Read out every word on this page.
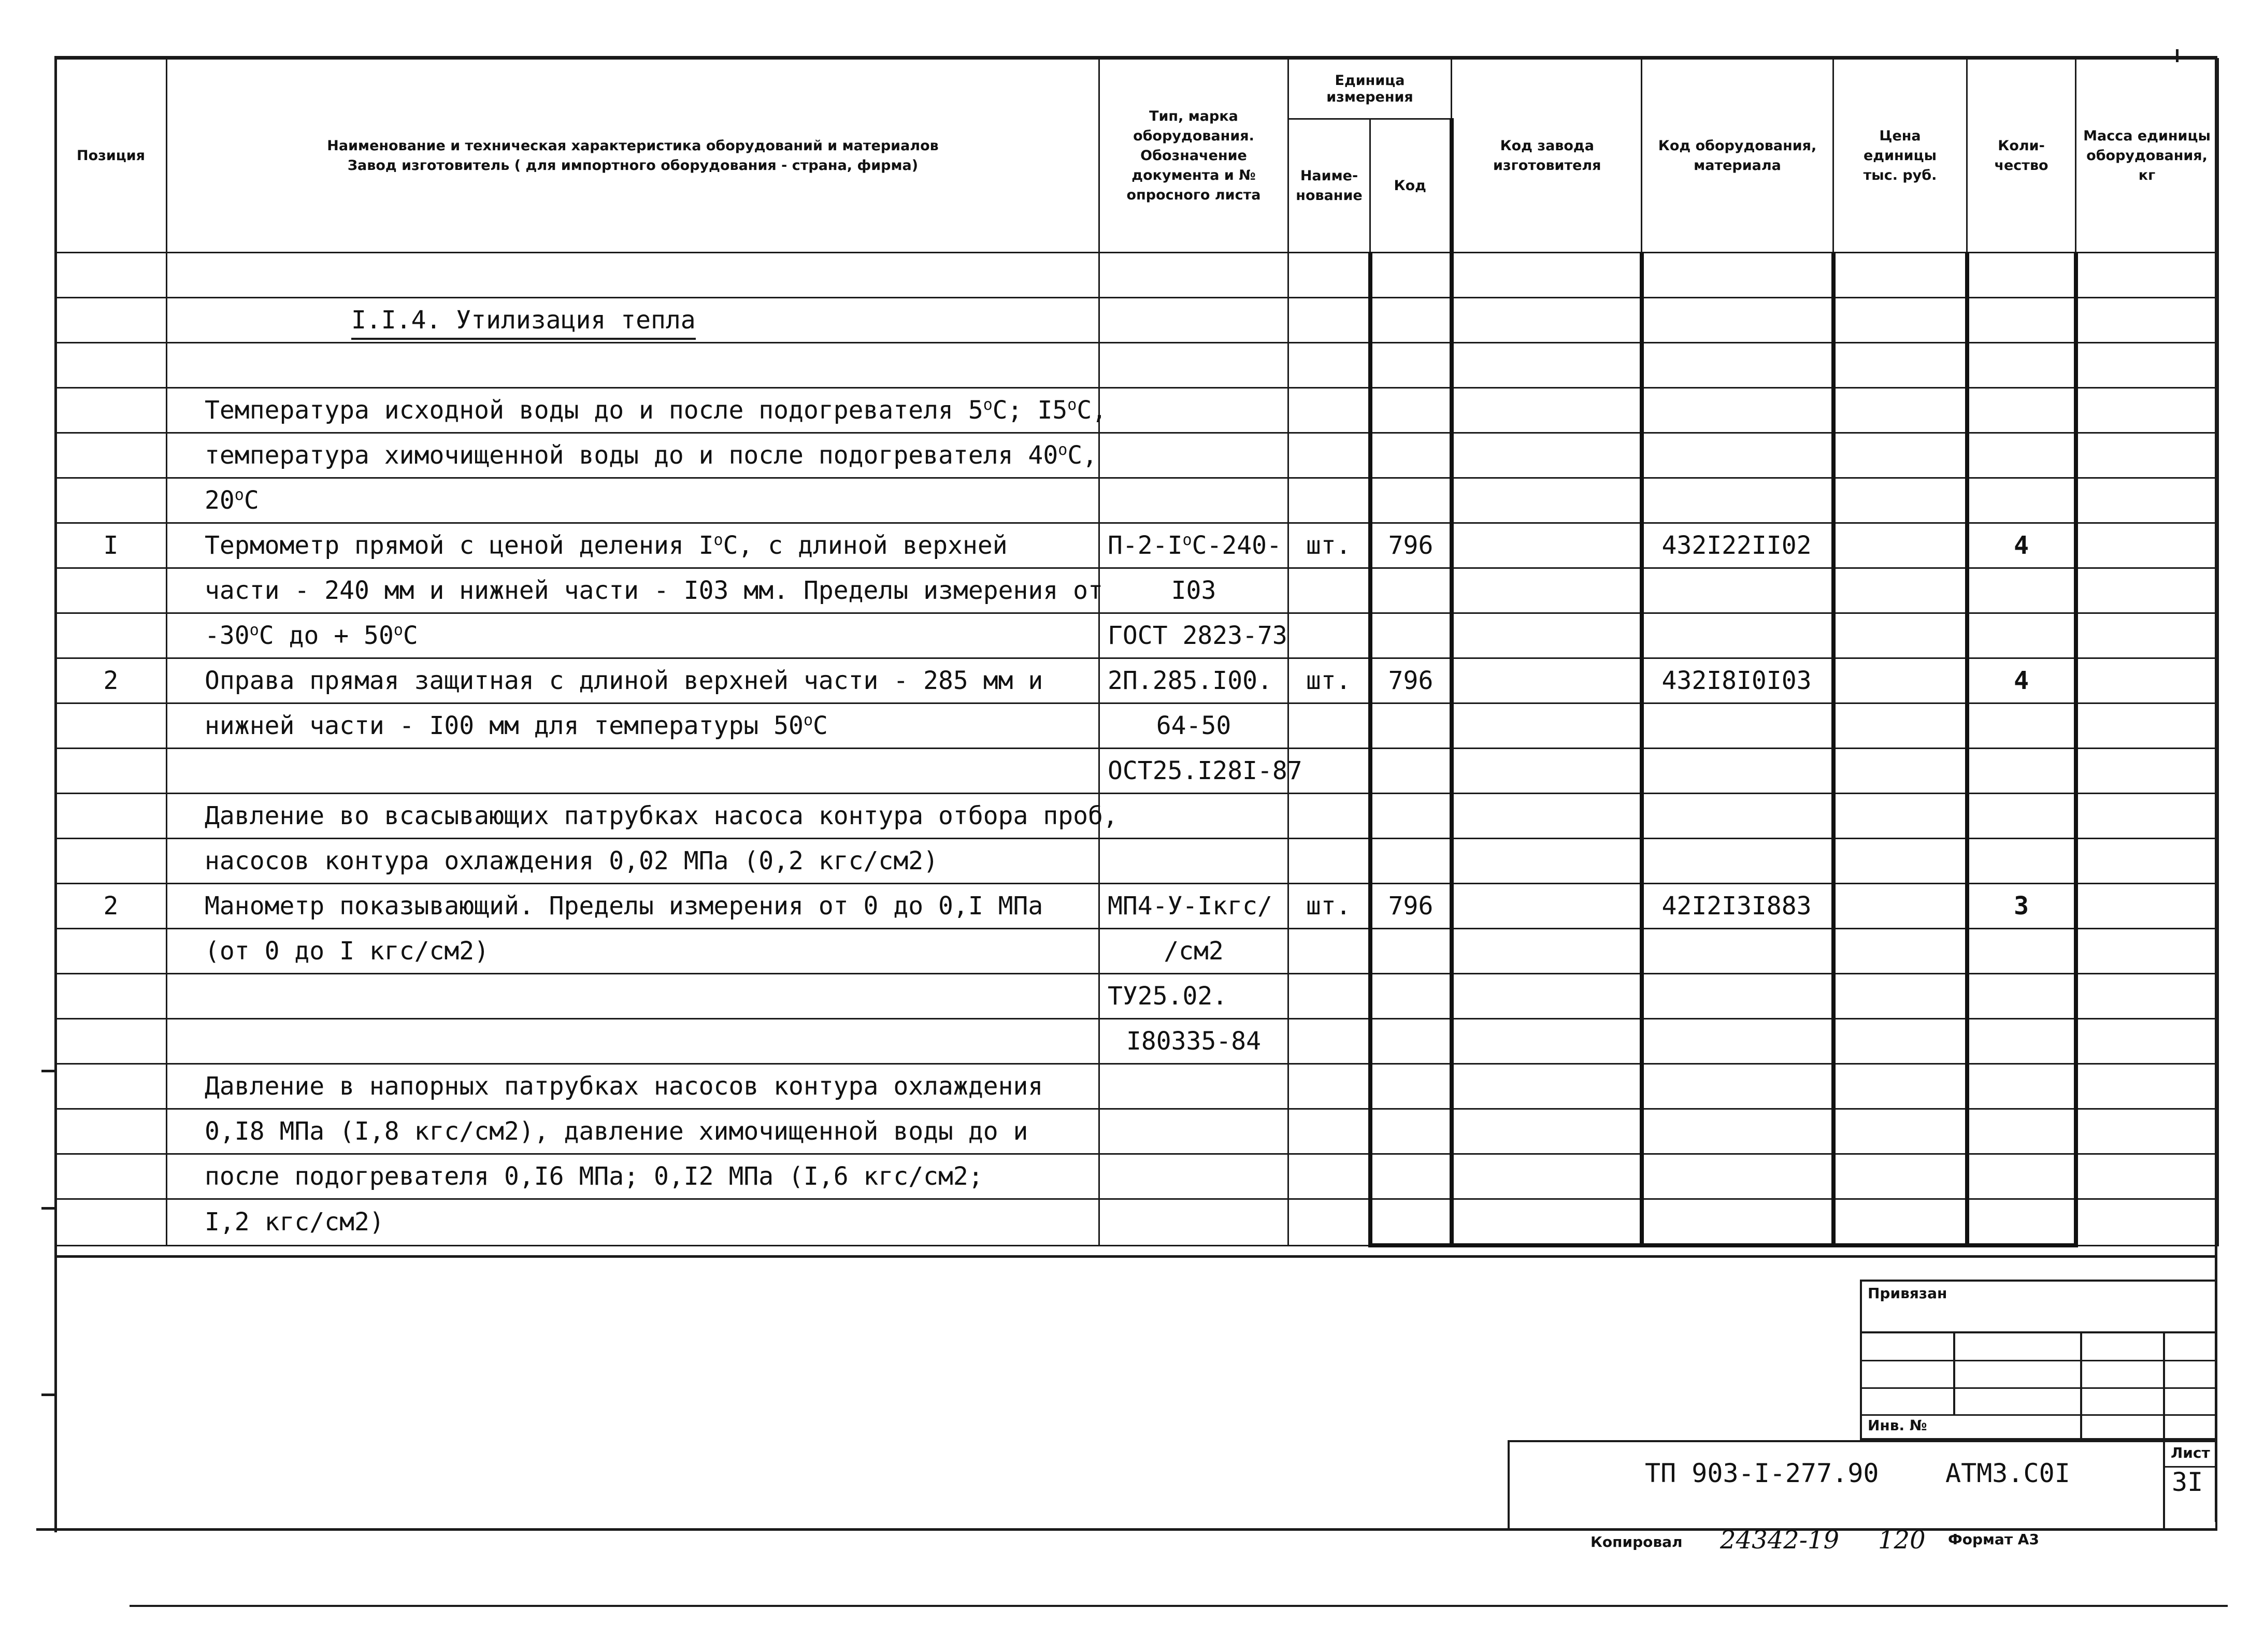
Позиция	Наименование и техническая характеристика оборудований и материалов
Завод изготовитель ( для импортного оборудования - страна, фирма)	Тип, марка оборудования. Обозначение документа и № опросного листа	Единица измерения		Код завода изготовителя	Код оборудования, материала	Цена единицы тыс. руб.	Коли- чество	Масса единицы оборудования, кг
			Наиме- нование	Код					

	I.I.4. Утилизация тепла								

	Температура исходной воды до и после подогревателя 5$^o$С; I5$^o$С,								
	температура химочищенной воды до и после подогревателя 40$^o$С,								
	20$^o$С								
I	Термометр прямой с ценой деления $I^oС$, с длиной верхней	$П-2-I^oС-240-$	шт.	796		432I22II02		4	
	части - 240 мм и нижней части - I03 мм. Пределы измерения от	I03							
	-30$^o$С до + $50^oС$	ГОСТ 2823-73							
2	Оправа прямая защитная с длиной верхней части - 285 мм и	2П.285.I00.	шт.	796		432I8I0I03		4	
	нижней части - I00 мм для температуры 50$^o$С	64-50							
		ОСТ25.I28I-87							
	Давление во всасывающих патрубках насоса контура отбора проб,								
	насосов контура охлаждения 0,02 МПа (0,2 кгс/см2)								
2	Манометр показывающий. Пределы измерения от 0 до 0,I МПа	МП4-У-Iкгс/	шт.	796		42I2I3I883		3	
	(от 0 до I кгс/см2)	/см2							
		ТУ25.02.							
		I80335-84							
	Давление в напорных патрубках насосов контура охлаждения								
	0,I8 МПа (I,8 кгс/см2), давление химочищенной воды до и								
	после подогревателя 0,I6 МПа; 0,I2 МПа (I,6 кгс/см2;								
	I,2 кгс/см2)								
Привязан
Инв. №
ТП 903-I-277.90	АТМ3.С0I
Лист
3I
Копировал 24342-19 120 Формат А3
